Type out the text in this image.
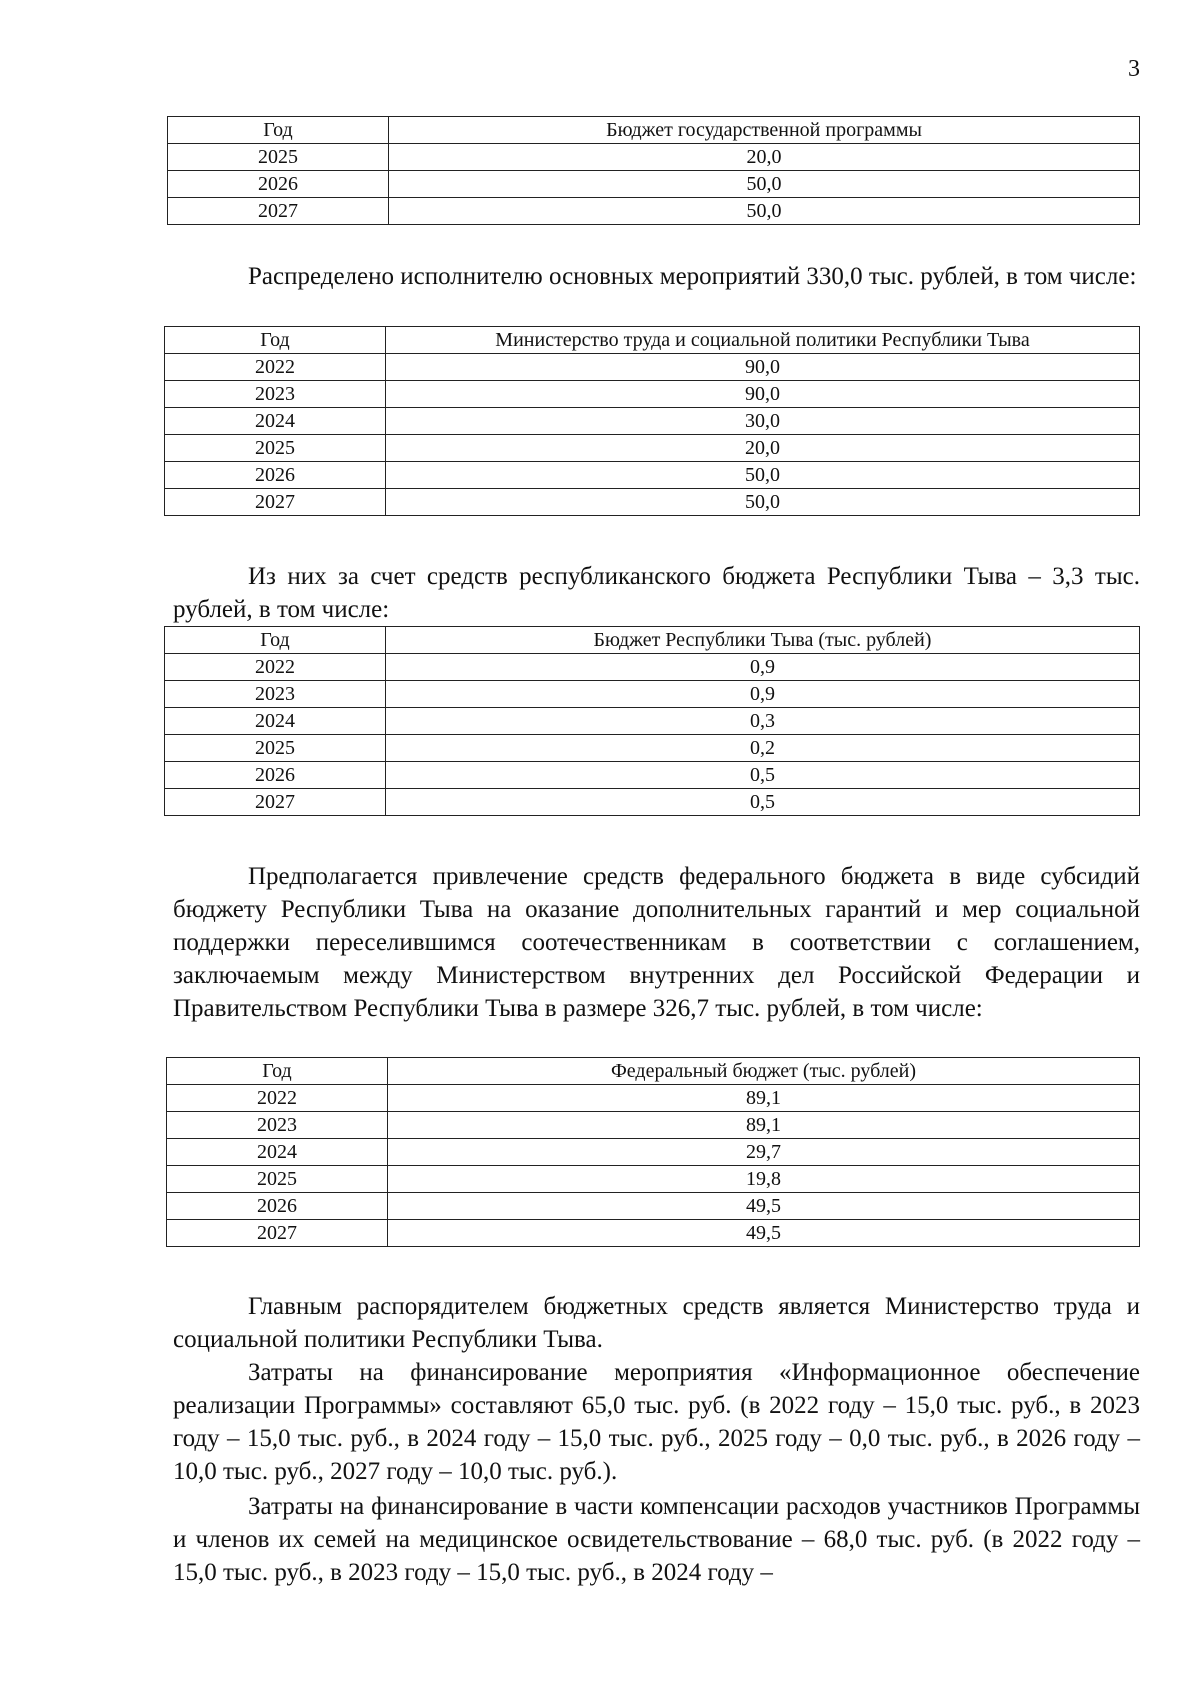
3
Год	Бюджет государственной программы
2025	20,0
2026	50,0
2027	50,0
Распределено исполнителю основных мероприятий 330,0 тыс. рублей, в том числе:
Год	Министерство труда и социальной политики Республики Тыва
2022	90,0
2023	90,0
2024	30,0
2025	20,0
2026	50,0
2027	50,0
Из них за счет средств республиканского бюджета Республики Тыва – 3,3 тыс. рублей, в том числе:
Год	Бюджет Республики Тыва (тыс. рублей)
2022	0,9
2023	0,9
2024	0,3
2025	0,2
2026	0,5
2027	0,5
Предполагается привлечение средств федерального бюджета в виде субсидий бюджету Республики Тыва на оказание дополнительных гарантий и мер социальной поддержки переселившимся соотечественникам в соответствии с соглашением, заключаемым между Министерством внутренних дел Российской Федерации и Правительством Республики Тыва в размере 326,7 тыс. рублей, в том числе:
Год	Федеральный бюджет (тыс. рублей)
2022	89,1
2023	89,1
2024	29,7
2025	19,8
2026	49,5
2027	49,5
Главным распорядителем бюджетных средств является Министерство труда и социальной политики Республики Тыва.
Затраты на финансирование мероприятия «Информационное обеспечение реализации Программы» составляют 65,0 тыс. руб. (в 2022 году – 15,0 тыс. руб., в 2023 году – 15,0 тыс. руб., в 2024 году – 15,0 тыс. руб., 2025 году – 0,0 тыс. руб., в 2026 году – 10,0 тыс. руб., 2027 году – 10,0 тыс. руб.).
Затраты на финансирование в части компенсации расходов участников Программы и членов их семей на медицинское освидетельствование – 68,0 тыс. руб. (в 2022 году – 15,0 тыс. руб., в 2023 году – 15,0 тыс. руб., в 2024 году –
